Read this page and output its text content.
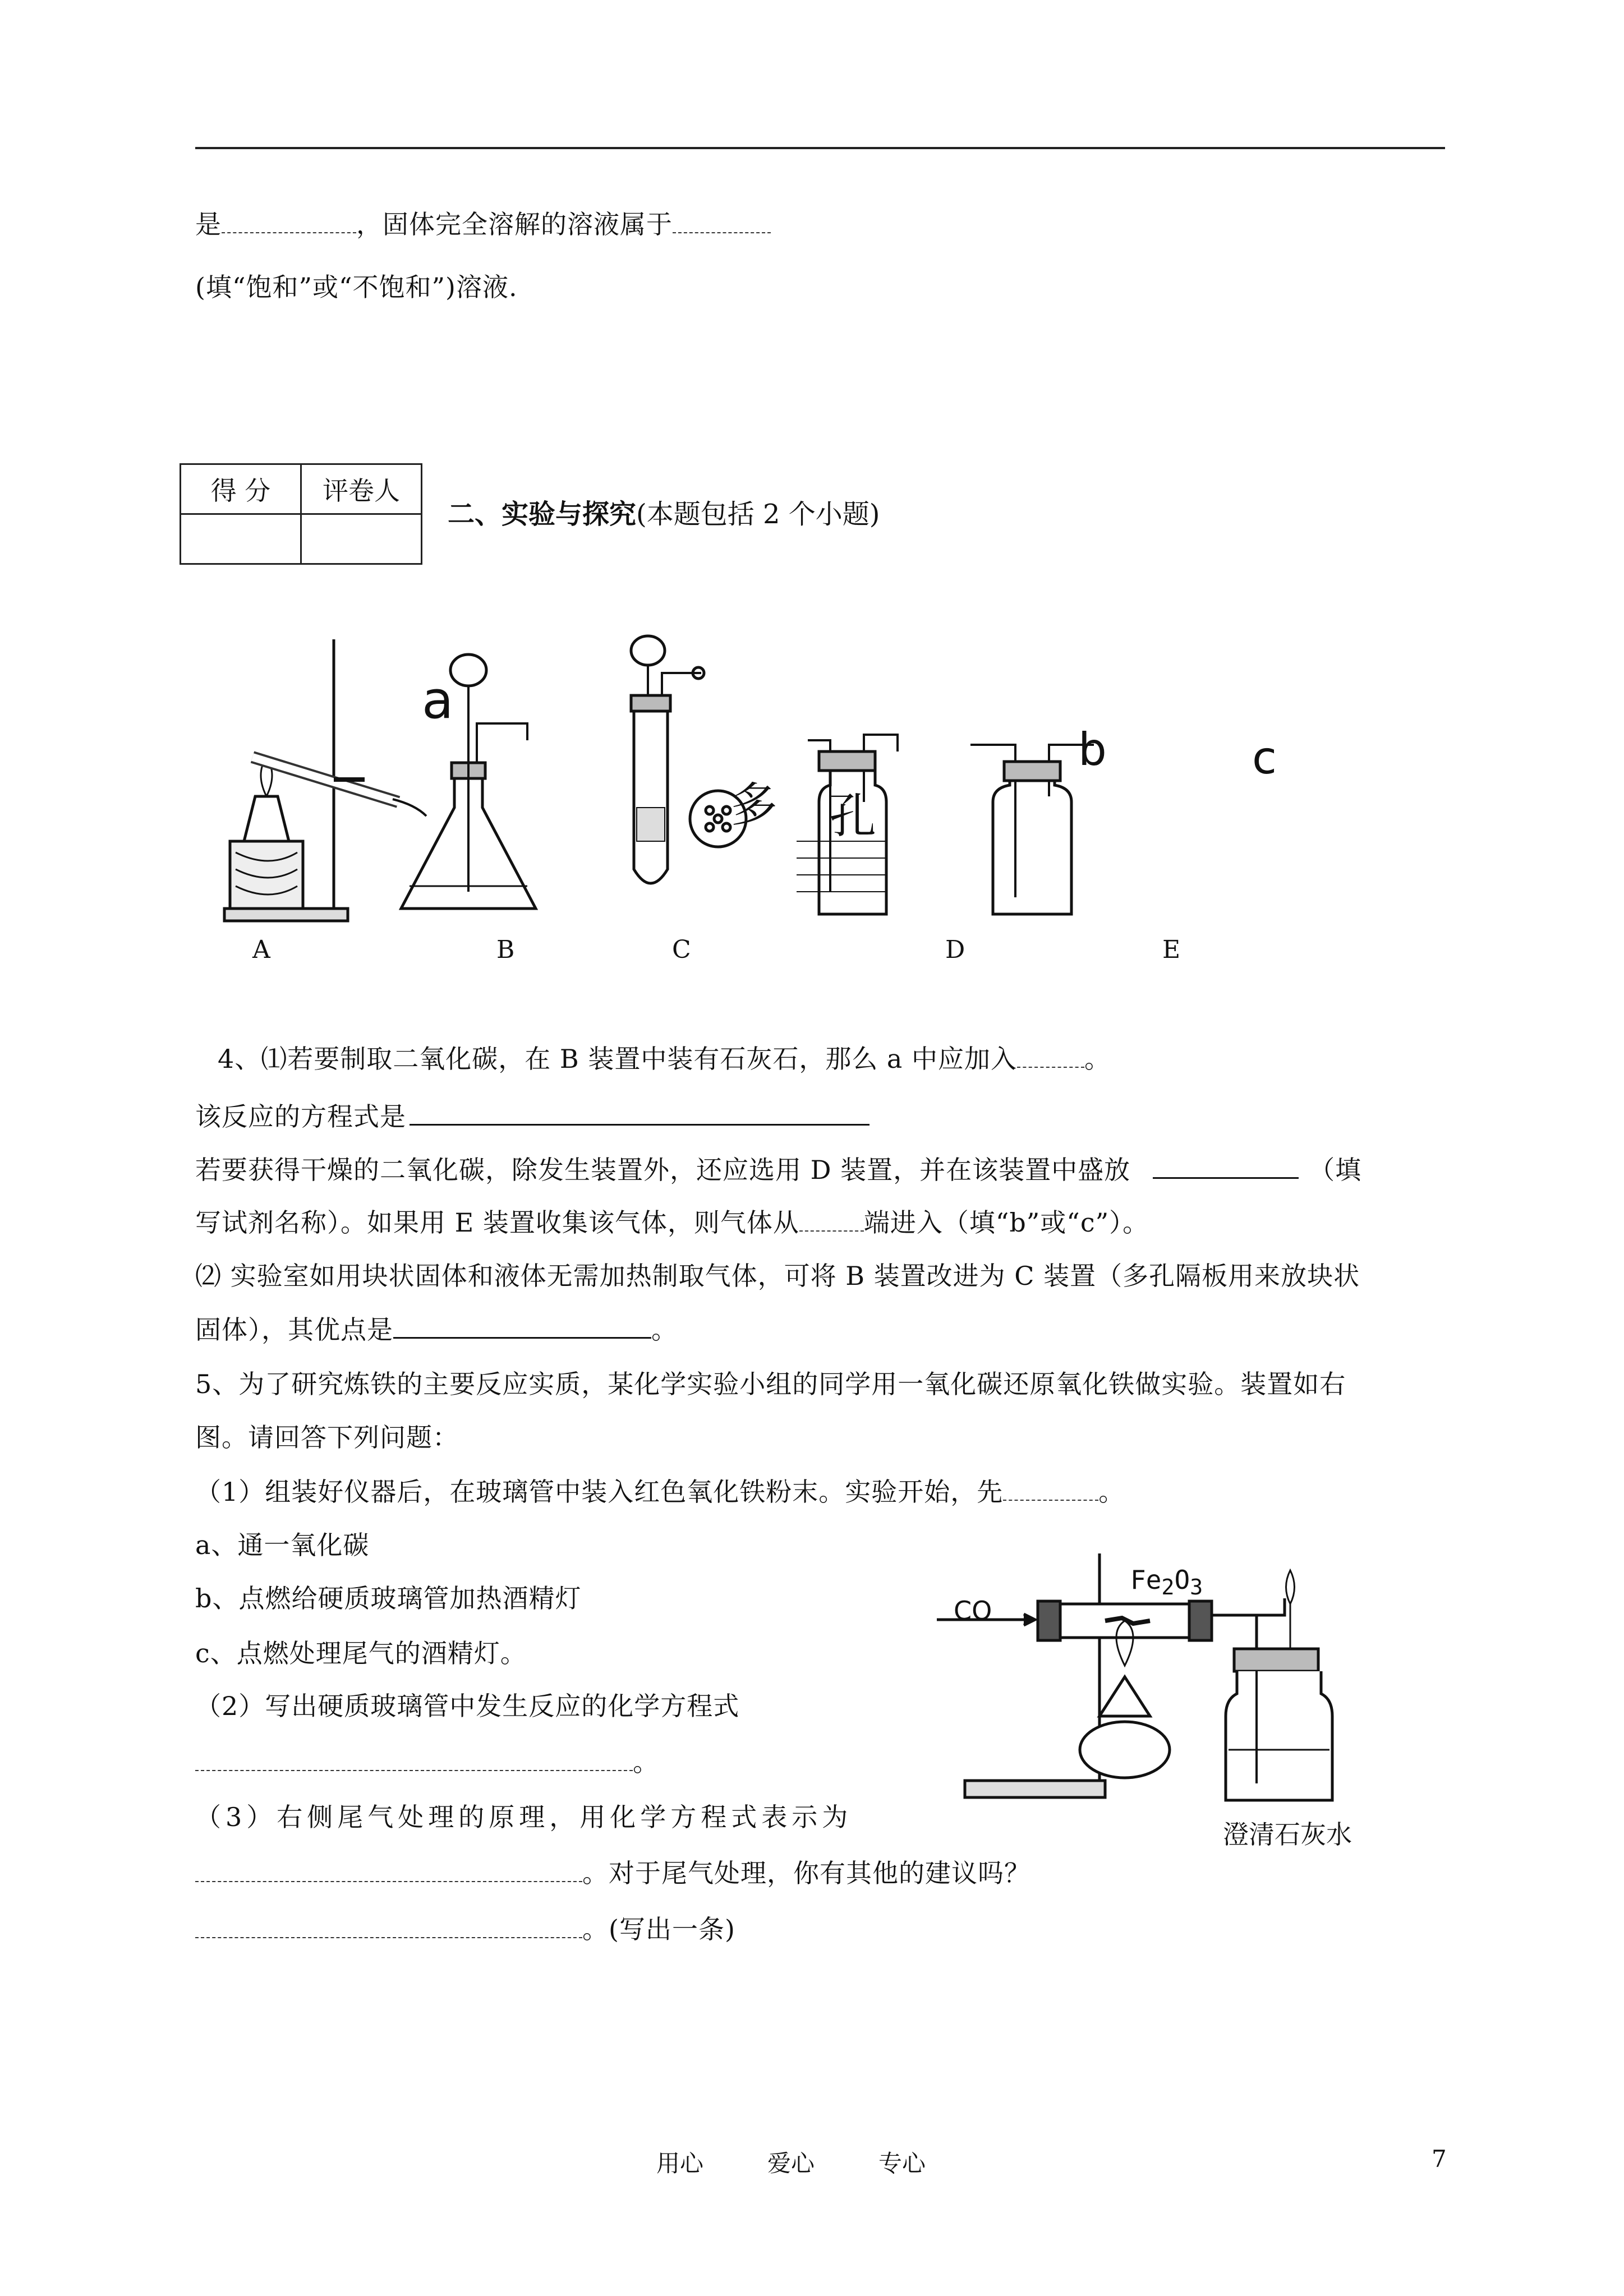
是	，固体完全溶解的溶液属于
(填“饱和”或“不饱和”)溶液.
得 分	评卷人

二、实验与探究(本题包括 2 个小题)
a
b	c
多 孔
A	B	C	D	E
4、⑴若要制取二氧化碳，在 B 装置中装有石灰石，那么 a 中应加入	。
该反应的方程式是
若要获得干燥的二氧化碳，除发生装置外，还应选用 D 装置，并在该装置中盛放	（填
写试剂名称）。如果用 E 装置收集该气体，则气体从	端进入（填“b”或“c”）。
⑵ 实验室如用块状固体和液体无需加热制取气体，可将 B 装置改进为 C 装置（多孔隔板用来放块状
固体），其优点是	。
5、为了研究炼铁的主要反应实质，某化学实验小组的同学用一氧化碳还原氧化铁做实验。装置如右
图。请回答下列问题：
（1）组装好仪器后，在玻璃管中装入红色氧化铁粉末。实验开始，先	。
a、通一氧化碳
b、点燃给硬质玻璃管加热酒精灯
c、点燃处理尾气的酒精灯。
（2）写出硬质玻璃管中发生反应的化学方程式
。
（3）右侧尾气处理的原理，用化学方程式表示为
。对于尾气处理，你有其他的建议吗？
。(写出一条)
CO
$Fe_2O_3$
澄清石灰水
用心	爱心	专心	7
